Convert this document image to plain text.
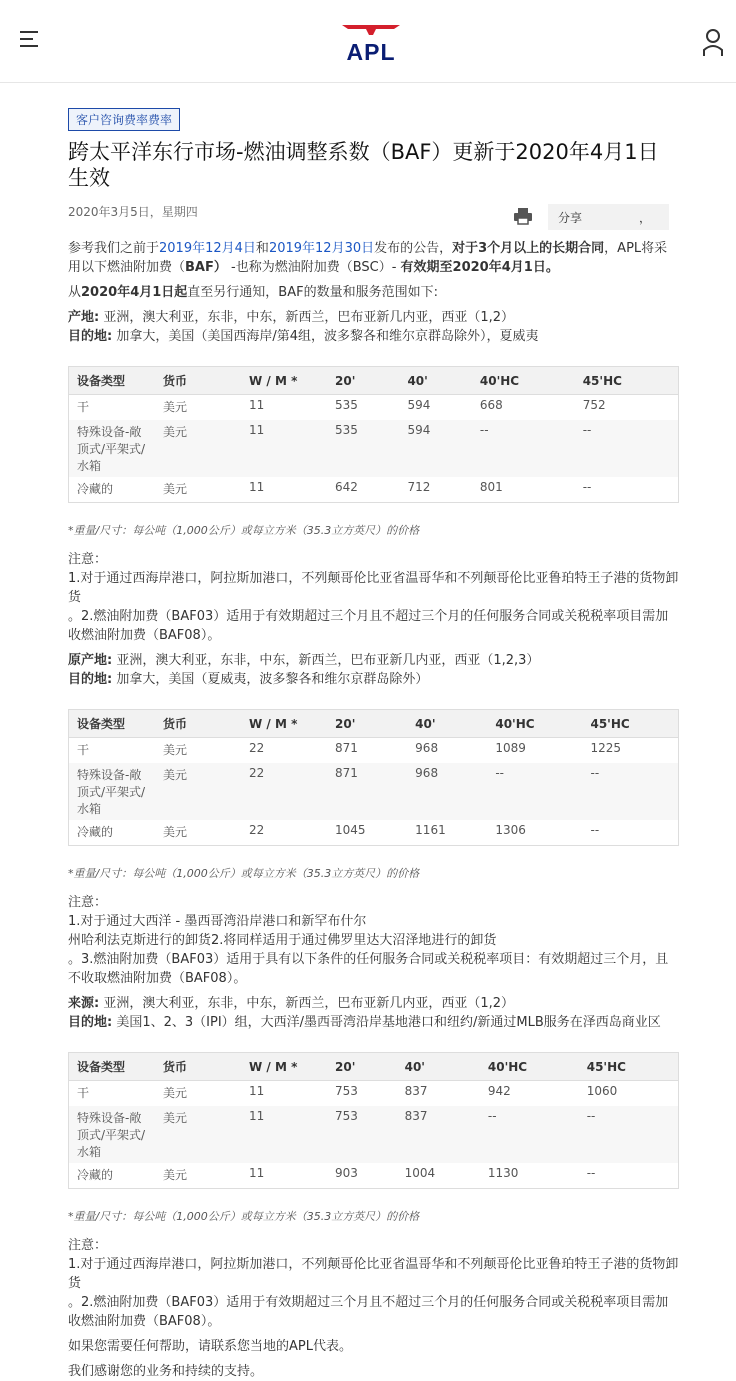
APL
客户咨询费率费率
跨太平洋东行市场-燃油调整系数（BAF）更新于2020年4月1日生效
2020年3月5日，星期四	分享	，

参考我们之前于2019年12月4日和2019年12月30日发布的公告，对于3个月以上的长期合同，APL将采用以下燃油附加费（BAF） -也称为燃油附加费（BSC）- 有效期至2020年4月1日。

从2020年4月1日起直至另行通知，BAF的数量和服务范围如下:

产地: 亚洲，澳大利亚，东非，中东，新西兰，巴布亚新几内亚，西亚（1,2）

目的地: 加拿大，美国（美国西海岸/第4组，波多黎各和维尔京群岛除外），夏威夷

设备类型	货币	W / M *	20'	40'	40'HC	45'HC
干	美元	11	535	594	668	752
特殊设备-敞顶式/平架式/水箱	美元	11	535	594	--	--
冷藏的	美元	11	642	712	801	--

*重量/尺寸：每公吨（1,000公斤）或每立方米（35.3立方英尺）的价格

注意：

1.对于通过西海岸港口，阿拉斯加港口，不列颠哥伦比亚省温哥华和不列颠哥伦比亚鲁珀特王子港的货物卸货

。2.燃油附加费（BAF03）适用于有效期超过三个月且不超过三个月的任何服务合同或关税税率项目需加收燃油附加费（BAF08）。

原产地: 亚洲，澳大利亚，东非，中东，新西兰，巴布亚新几内亚，西亚（1,2,3）

目的地: 加拿大，美国（夏威夷，波多黎各和维尔京群岛除外）

设备类型	货币	W / M *	20'	40'	40'HC	45'HC
干	美元	22	871	968	1089	1225
特殊设备-敞顶式/平架式/水箱	美元	22	871	968	--	--
冷藏的	美元	22	1045	1161	1306	--

*重量/尺寸：每公吨（1,000公斤）或每立方米（35.3立方英尺）的价格

注意：

1.对于通过大西洋 - 墨西哥湾沿岸港口和新罕布什尔

州哈利法克斯进行的卸货2.将同样适用于通过佛罗里达大沼泽地进行的卸货

。3.燃油附加费（BAF03）适用于具有以下条件的任何服务合同或关税税率项目：有效期超过三个月，且不收取燃油附加费（BAF08）。

来源: 亚洲，澳大利亚，东非，中东，新西兰，巴布亚新几内亚，西亚（1,2）

目的地: 美国1、2、3（IPI）组，大西洋/墨西哥湾沿岸基地港口和纽约/新通过MLB服务在泽西岛商业区

设备类型	货币	W / M *	20'	40'	40'HC	45'HC
干	美元	11	753	837	942	1060
特殊设备-敞顶式/平架式/水箱	美元	11	753	837	--	--
冷藏的	美元	11	903	1004	1130	--

*重量/尺寸：每公吨（1,000公斤）或每立方米（35.3立方英尺）的价格

注意：

1.对于通过西海岸港口，阿拉斯加港口，不列颠哥伦比亚省温哥华和不列颠哥伦比亚鲁珀特王子港的货物卸货

。2.燃油附加费（BAF03）适用于有效期超过三个月且不超过三个月的任何服务合同或关税税率项目需加收燃油附加费（BAF08）。

如果您需要任何帮助，请联系您当地的APL代表。

我们感谢您的业务和持续的支持。
